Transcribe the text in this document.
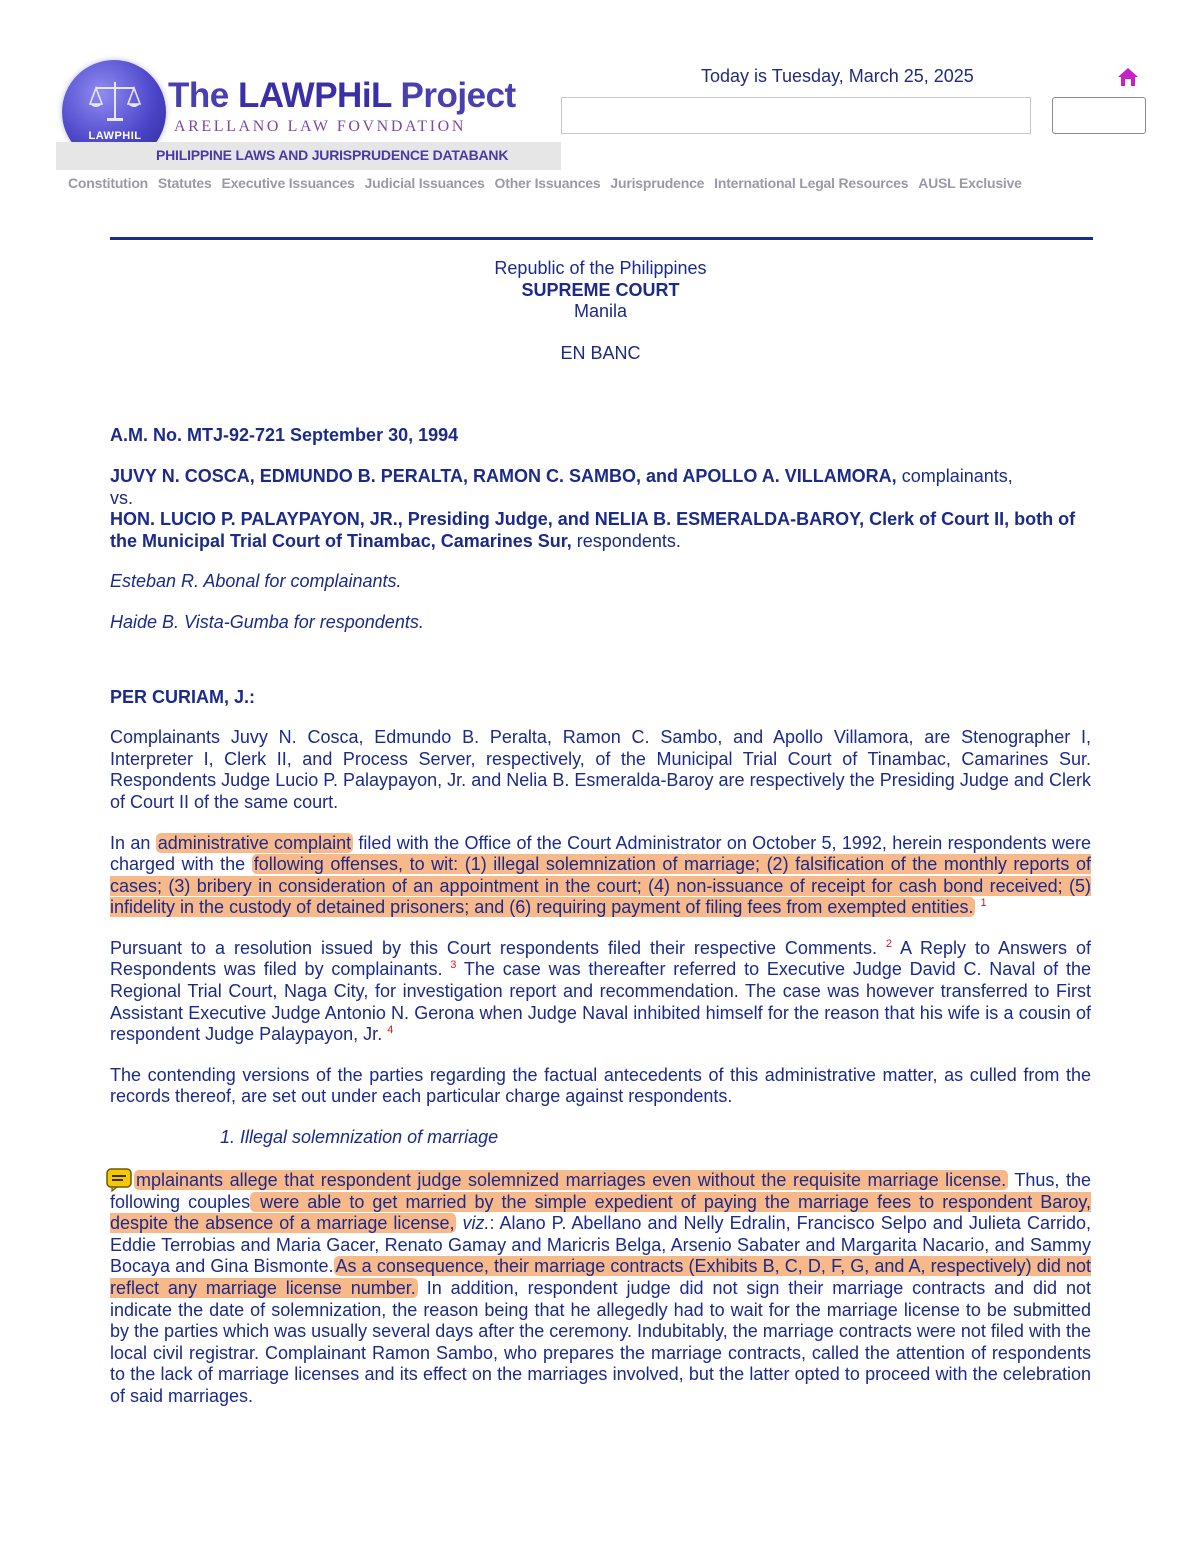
LAWPHIL
The LAWPHiL Project
ARELLANO LAW FOVNDATION
PHILIPPINE LAWS AND JURISPRUDENCE DATABANK
Today is Tuesday, March 25, 2025
Constitution Statutes Executive Issuances Judicial Issuances Other Issuances Jurisprudence International Legal Resources AUSL Exclusive
Republic of the Philippines
SUPREME COURT
Manila
EN BANC

A.M. No. MTJ-92-721 September 30, 1994

JUVY N. COSCA, EDMUNDO B. PERALTA, RAMON C. SAMBO, and APOLLO A. VILLAMORA, complainants,

vs.

HON. LUCIO P. PALAYPAYON, JR., Presiding Judge, and NELIA B. ESMERALDA-BAROY, Clerk of Court II, both of the Municipal Trial Court of Tinambac, Camarines Sur, respondents.

Esteban R. Abonal for complainants.

Haide B. Vista-Gumba for respondents.

PER CURIAM, J.:

Complainants Juvy N. Cosca, Edmundo B. Peralta, Ramon C. Sambo, and Apollo Villamora, are Stenographer I, Interpreter I, Clerk II, and Process Server, respectively, of the Municipal Trial Court of Tinambac, Camarines Sur. Respondents Judge Lucio P. Palaypayon, Jr. and Nelia B. Esmeralda-Baroy are respectively the Presiding Judge and Clerk of Court II of the same court.

In an administrative complaint filed with the Office of the Court Administrator on October 5, 1992, herein respondents were charged with the following offenses, to wit: (1) illegal solemnization of marriage; (2) falsification of the monthly reports of cases; (3) bribery in consideration of an appointment in the court; (4) non-issuance of receipt for cash bond received; (5) infidelity in the custody of detained prisoners; and (6) requiring payment of filing fees from exempted entities. $^1$

Pursuant to a resolution issued by this Court respondents filed their respective Comments. $^2$ A Reply to Answers of Respondents was filed by complainants. $^3$ The case was thereafter referred to Executive Judge David C. Naval of the Regional Trial Court, Naga City, for investigation report and recommendation. The case was however transferred to First Assistant Executive Judge Antonio N. Gerona when Judge Naval inhibited himself for the reason that his wife is a cousin of respondent Judge Palaypayon, Jr. $^4$

The contending versions of the parties regarding the factual antecedents of this administrative matter, as culled from the records thereof, are set out under each particular charge against respondents.

1. Illegal solemnization of marriage

mplainants allege that respondent judge solemnized marriages even without the requisite marriage license. Thus, the following couples were able to get married by the simple expedient of paying the marriage fees to respondent Baroy, despite the absence of a marriage license, viz.: Alano P. Abellano and Nelly Edralin, Francisco Selpo and Julieta Carrido, Eddie Terrobias and Maria Gacer, Renato Gamay and Maricris Belga, Arsenio Sabater and Margarita Nacario, and Sammy Bocaya and Gina Bismonte. As a consequence, their marriage contracts (Exhibits B, C, D, F, G, and A, respectively) did not reflect any marriage license number. In addition, respondent judge did not sign their marriage contracts and did not indicate the date of solemnization, the reason being that he allegedly had to wait for the marriage license to be submitted by the parties which was usually several days after the ceremony. Indubitably, the marriage contracts were not filed with the local civil registrar. Complainant Ramon Sambo, who prepares the marriage contracts, called the attention of respondents to the lack of marriage licenses and its effect on the marriages involved, but the latter opted to proceed with the celebration of said marriages.
